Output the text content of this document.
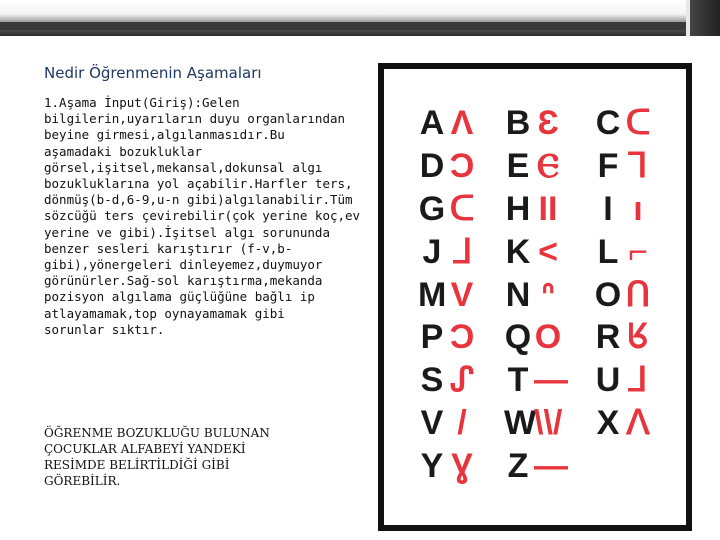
Nedir Öğrenmenin Aşamaları
1.Aşama İnput(Giriş):Gelen
bilgilerin,uyarıların duyu organlarından
beyine girmesi,algılanmasıdır.Bu
aşamadaki bozukluklar
görsel,işitsel,mekansal,dokunsal algı
bozukluklarına yol açabilir.Harfler ters,
dönmüş(b-d,6-9,u-n gibi)algılanabilir.Tüm
sözcüğü ters çevirebilir(çok yerine koç,ev
yerine ve gibi).İşitsel algı sorununda
benzer sesleri karıştırır (f-v,b-
gibi),yönergeleri dinleyemez,duymuyor
görünürler.Sağ-sol karıştırma,mekanda
pozisyon algılama güçlüğüne bağlı ip
atlayamamak,top oynayamamak gibi
sorunlar sıktır.
ÖĞRENME BOZUKLUĞU BULUNAN
ÇOCUKLAR ALFABEYİ YANDEKİ
RESİMDE BELİRTİLDİĞİ GİBİ
GÖREBİLİR.
A Λ B Ɛ C ᑕ
D Ͻ E Ⲉ F ⅂
G ᑕ H II I ı
J ᒧ K < L ⌐
M V N ᐢ O ᑎ
P Ͻ Q O R ᖉ
S ᔑ T — U ⅃
V / W
\\/ X ᐱ
Y Ɣ Z —
